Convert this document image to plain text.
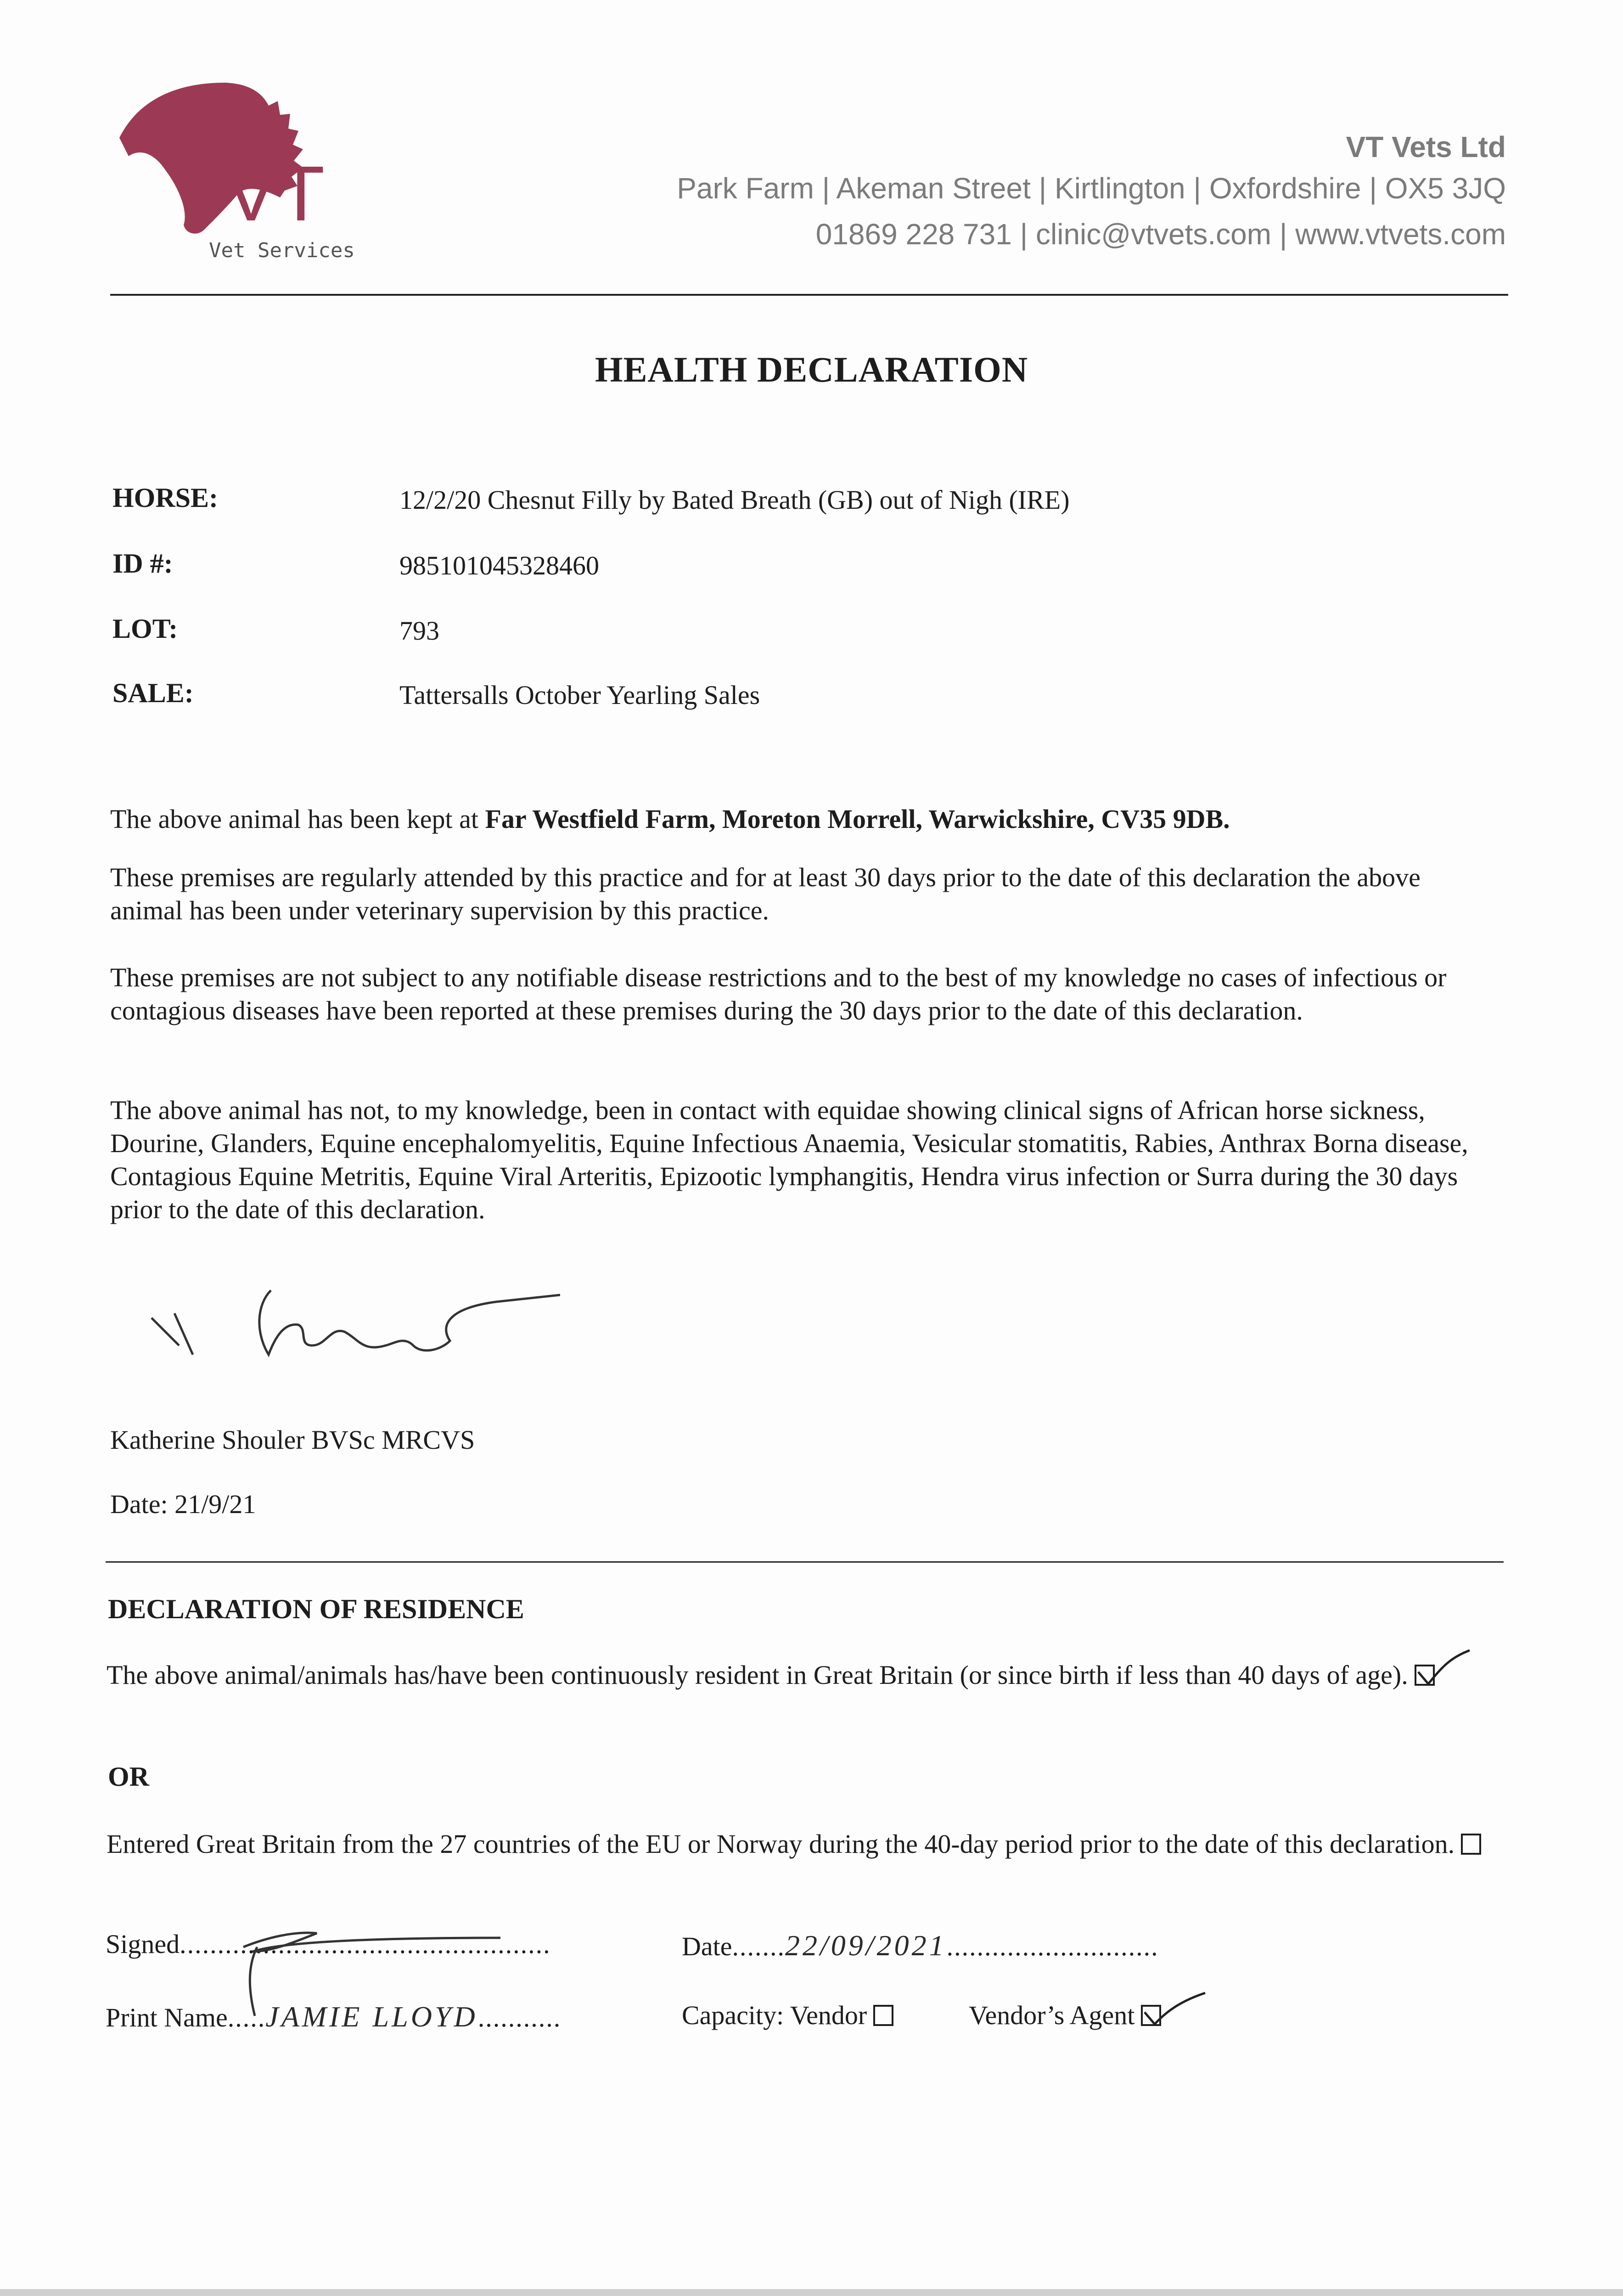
VT
Vet Services
VT Vets Ltd
Park Farm | Akeman Street | Kirtlington | Oxfordshire | OX5 3JQ
01869 228 731 | clinic@vtvets.com | www.vtvets.com
HEALTH DECLARATION
HORSE:	12/2/20 Chesnut Filly by Bated Breath (GB) out of Nigh (IRE)
ID #:	985101045328460
LOT:	793
SALE:	Tattersalls October Yearling Sales
The above animal has been kept at Far Westfield Farm, Moreton Morrell, Warwickshire, CV35 9DB.
These premises are regularly attended by this practice and for at least 30 days prior to the date of this declaration the above animal has been under veterinary supervision by this practice.
These premises are not subject to any notifiable disease restrictions and to the best of my knowledge no cases of infectious or contagious diseases have been reported at these premises during the 30 days prior to the date of this declaration.
The above animal has not, to my knowledge, been in contact with equidae showing clinical signs of African horse sickness, Dourine, Glanders, Equine encephalomyelitis, Equine Infectious Anaemia, Vesicular stomatitis, Rabies, Anthrax Borna disease, Contagious Equine Metritis, Equine Viral Arteritis, Epizootic lymphangitis, Hendra virus infection or Surra during the 30 days prior to the date of this declaration.
Katherine Shouler BVSc MRCVS
Date: 21/9/21
DECLARATION OF RESIDENCE
The above animal/animals has/have been continuously resident in Great Britain (or since birth if less than 40 days of age).
OR
Entered Great Britain from the 27 countries of the EU or Norway during the 40-day period prior to the date of this declaration.
Signed.................................................	Date.......22/09/2021............................
Print Name.....JAMIE LLOYD...........	Capacity: Vendor	Vendor’s Agent
